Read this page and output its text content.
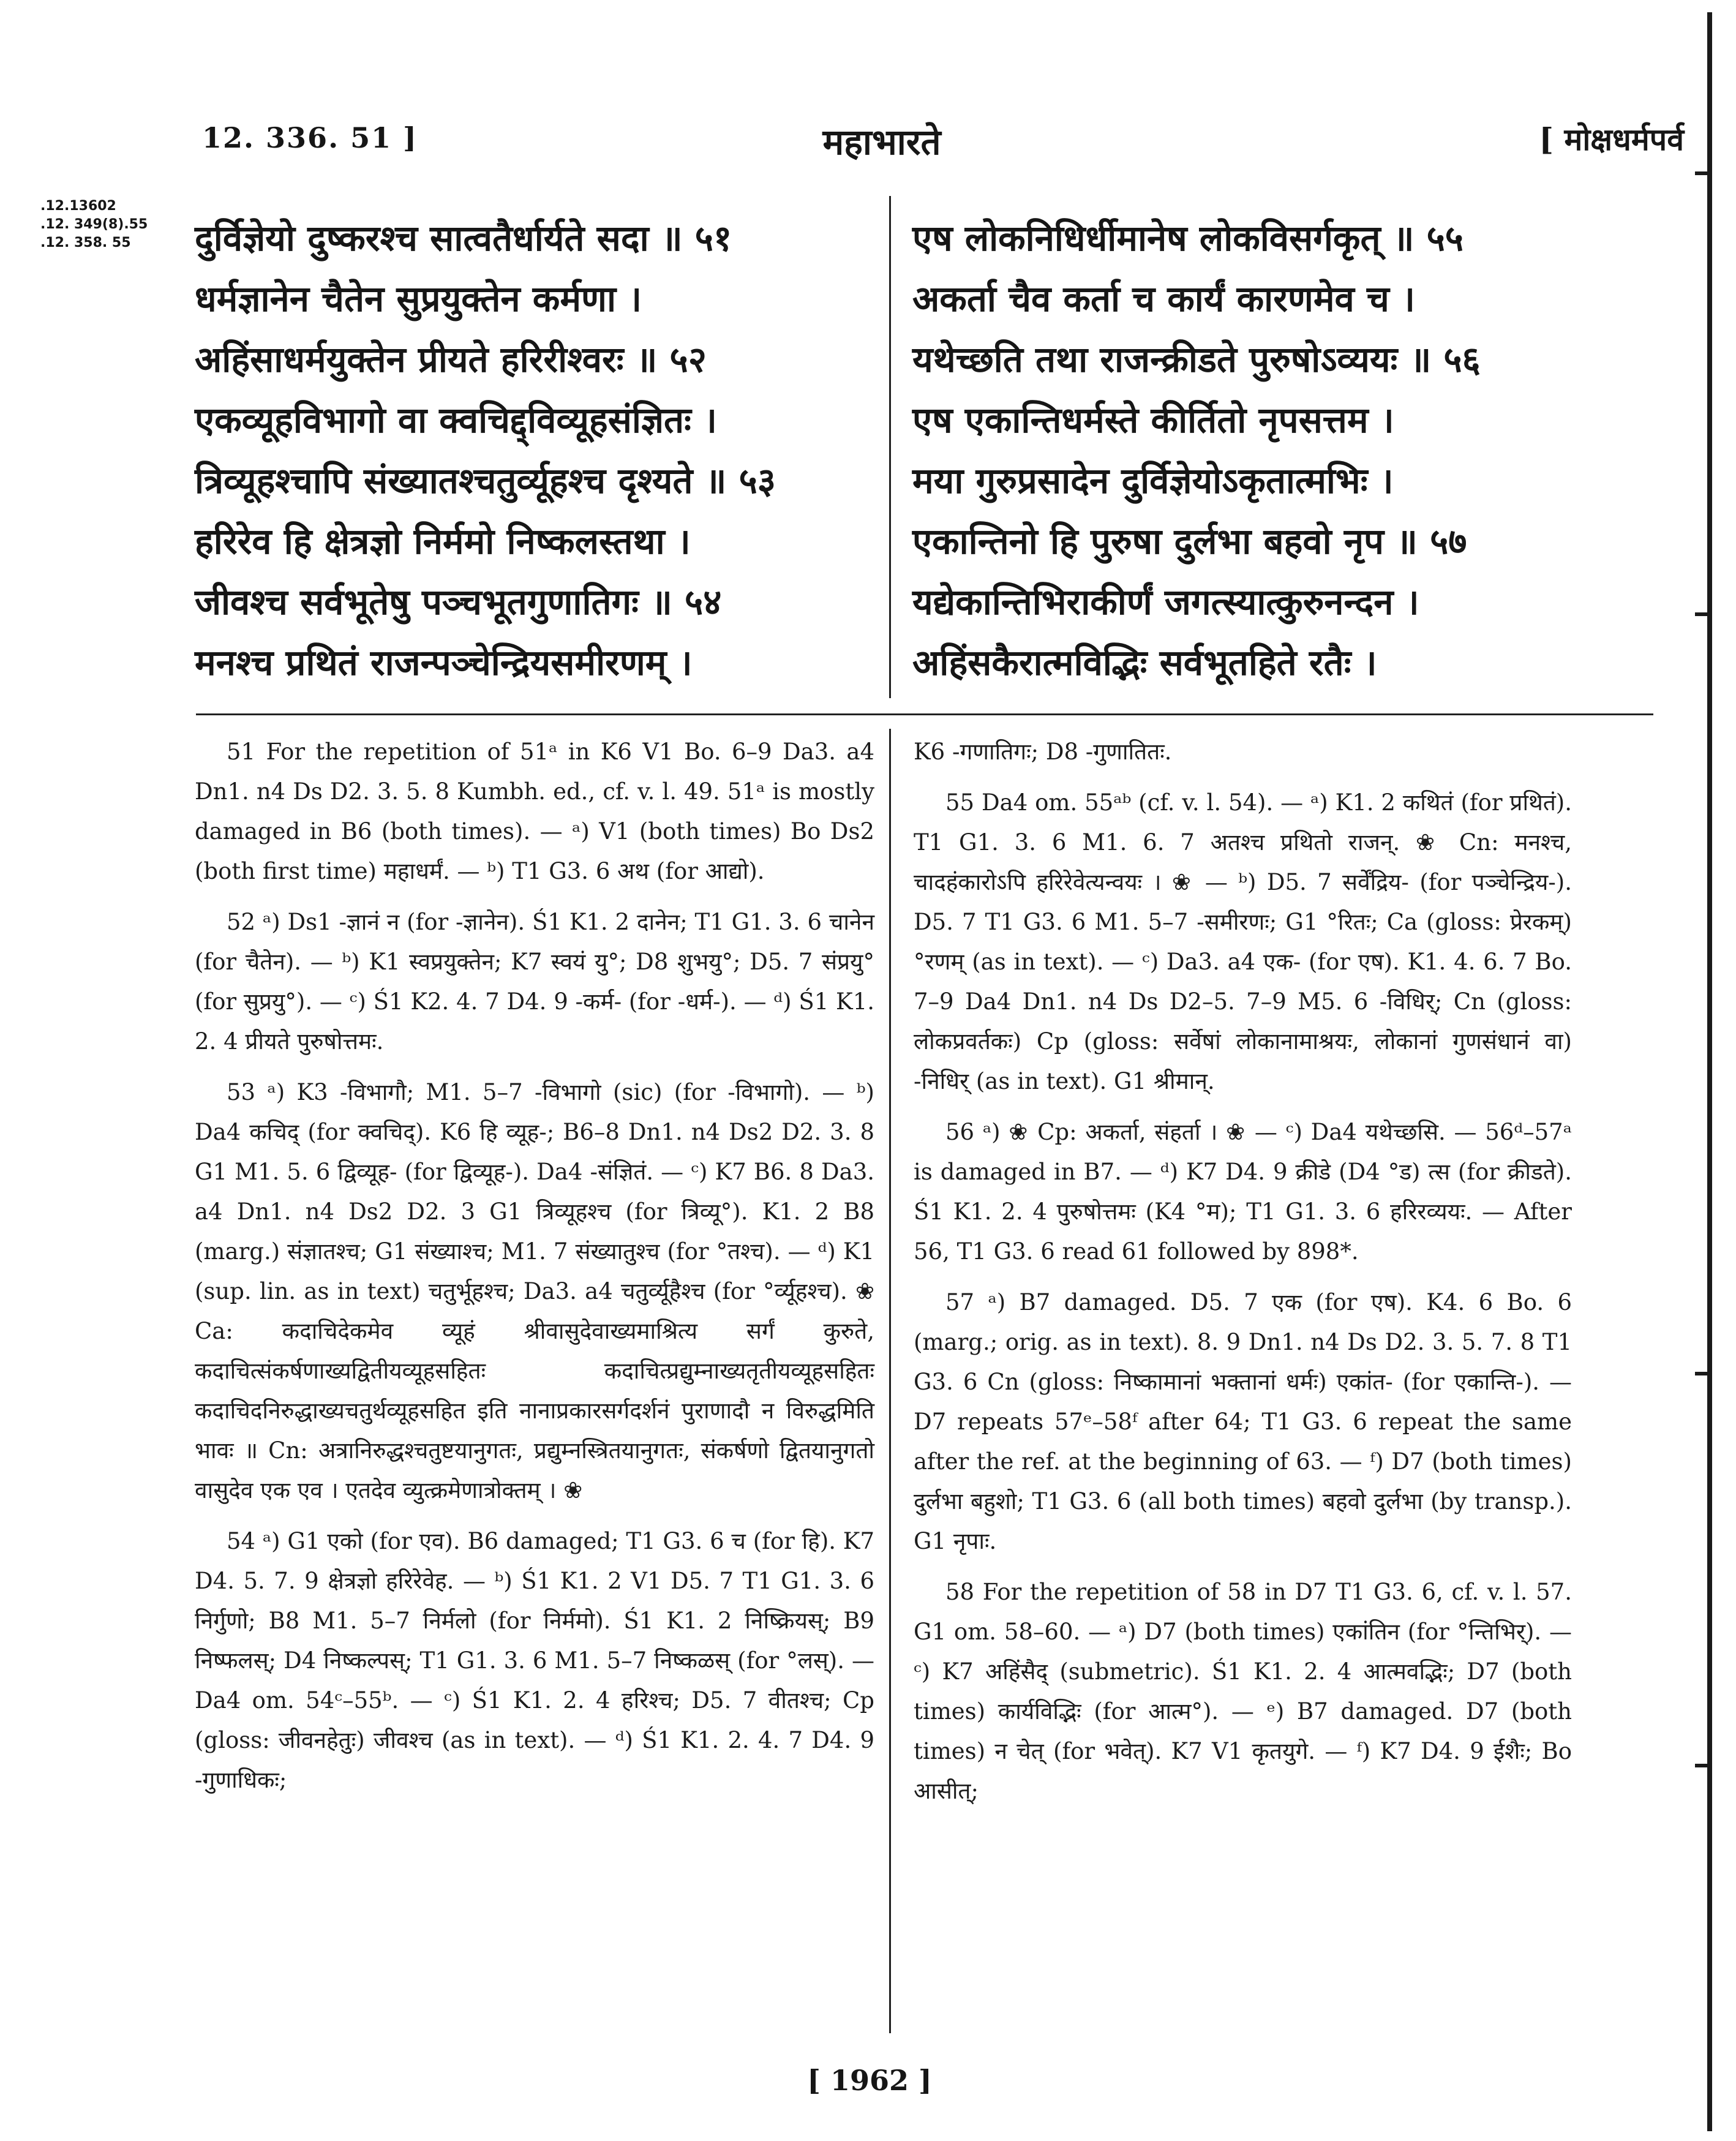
12. 336. 51 ]	महाभारते	[ मोक्षधर्मपर्व
.12.13602
.12. 349(8).55
.12. 358. 55	दुर्विज्ञेयो दुष्करश्च सात्वतैर्धार्यते सदा ॥ ५१
धर्मज्ञानेन चैतेन सुप्रयुक्तेन कर्मणा ।
अहिंसाधर्मयुक्तेन प्रीयते हरिरीश्वरः ॥ ५२
एकव्यूहविभागो वा क्वचिद्द्विव्यूहसंज्ञितः ।
त्रिव्यूहश्चापि संख्यातश्चतुर्व्यूहश्च दृश्यते ॥ ५३
हरिरेव हि क्षेत्रज्ञो निर्ममो निष्कलस्तथा ।
जीवश्च सर्वभूतेषु पञ्चभूतगुणातिगः ॥ ५४
मनश्च प्रथितं राजन्पञ्चेन्द्रियसमीरणम् ।
एष लोकनिधिर्धीमानेष लोकविसर्गकृत् ॥ ५५
अकर्ता चैव कर्ता च कार्यं कारणमेव च ।
यथेच्छति तथा राजन्क्रीडते पुरुषोऽव्ययः ॥ ५६
एष एकान्तिधर्मस्ते कीर्तितो नृपसत्तम ।
मया गुरुप्रसादेन दुर्विज्ञेयोऽकृतात्मभिः ।
एकान्तिनो हि पुरुषा दुर्लभा बहवो नृप ॥ ५७
यद्येकान्तिभिराकीर्णं जगत्स्यात्कुरुनन्दन ।
अहिंसकैरात्मविद्भिः सर्वभूतहिते रतैः ।
51 For the repetition of 51ᵃ in K6 V1 Bo. 6–9 Da3. a4 Dn1. n4 Ds D2. 3. 5. 8 Kumbh. ed., cf. v. l. 49. 51ᵃ is mostly damaged in B6 (both times). — ᵃ) V1 (both times) Bo Ds2 (both first time) महाधर्मं. — ᵇ) T1 G3. 6 अथ (for आद्यो).
52 ᵃ) Ds1 ‑ज्ञानं न (for ‑ज्ञानेन). Ś1 K1. 2 दानेन; T1 G1. 3. 6 चानेन (for चैतेन). — ᵇ) K1 स्वप्रयुक्तेन; K7 स्वयं यु°; D8 शुभयु°; D5. 7 संप्रयु° (for सुप्रयु°). — ᶜ) Ś1 K2. 4. 7 D4. 9 ‑कर्म‑ (for ‑धर्म‑). — ᵈ) Ś1 K1. 2. 4 प्रीयते पुरुषोत्तमः.
53 ᵃ) K3 ‑विभागौ; M1. 5–7 ‑विभागो (sic) (for ‑विभागो). — ᵇ) Da4 कचिद् (for क्वचिद्). K6 हि व्यूह‑; B6–8 Dn1. n4 Ds2 D2. 3. 8 G1 M1. 5. 6 द्विव्यूह‑ (for द्विव्यूह‑). Da4 ‑संज्ञितं. — ᶜ) K7 B6. 8 Da3. a4 Dn1. n4 Ds2 D2. 3 G1 त्रिव्यूहश्च (for त्रिव्यू°). K1. 2 B8 (marg.) संज्ञातश्च; G1 संख्याश्च; M1. 7 संख्यातुश्च (for °तश्च). — ᵈ) K1 (sup. lin. as in text) चतुर्भूहश्च; Da3. a4 चतुर्व्यूहैश्च (for °र्व्यूहश्च). ❀ Ca: कदाचिदेकमेव व्यूहं श्रीवासुदेवाख्यमाश्रित्य सर्गं कुरुते, कदाचित्संकर्षणाख्यद्वितीयव्यूहसहितः कदाचित्प्रद्युम्नाख्यतृतीयव्यूहसहितः कदाचिदनिरुद्धाख्यचतुर्थव्यूहसहित इति नानाप्रकारसर्गदर्शनं पुराणादौ न विरुद्धमिति भावः ॥ Cn: अत्रानिरुद्धश्चतुष्टयानुगतः, प्रद्युम्नस्त्रितयानुगतः, संकर्षणो द्वितयानुगतो वासुदेव एक एव । एतदेव व्युत्क्रमेणात्रोक्तम् । ❀
54 ᵃ) G1 एको (for एव). B6 damaged; T1 G3. 6 च (for हि). K7 D4. 5. 7. 9 क्षेत्रज्ञो हरिरेवेह. — ᵇ) Ś1 K1. 2 V1 D5. 7 T1 G1. 3. 6 निर्गुणो; B8 M1. 5–7 निर्मलो (for निर्ममो). Ś1 K1. 2 निष्क्रियस्; B9 निष्फलस्; D4 निष्कल्पस्; T1 G1. 3. 6 M1. 5–7 निष्कळस् (for °लस्). — Da4 om. 54ᶜ–55ᵇ. — ᶜ) Ś1 K1. 2. 4 हरिश्च; D5. 7 वीतश्च; Cp (gloss: जीवनहेतुः) जीवश्च (as in text). — ᵈ) Ś1 K1. 2. 4. 7 D4. 9 ‑गुणाधिकः;
K6 ‑गणातिगः; D8 ‑गुणातितः.
55 Da4 om. 55ᵃᵇ (cf. v. l. 54). — ᵃ) K1. 2 कथितं (for प्रथितं). T1 G1. 3. 6 M1. 6. 7 अतश्च प्रथितो राजन्. ❀ Cn: मनश्च, चादहंकारोऽपि हरिरेवेत्यन्वयः । ❀ — ᵇ) D5. 7 सर्वेंद्रिय‑ (for पञ्चेन्द्रिय‑). D5. 7 T1 G3. 6 M1. 5–7 ‑समीरणः; G1 °रितः; Ca (gloss: प्रेरकम्) °रणम् (as in text). — ᶜ) Da3. a4 एक‑ (for एष). K1. 4. 6. 7 Bo. 7–9 Da4 Dn1. n4 Ds D2–5. 7–9 M5. 6 ‑विधिर्; Cn (gloss: लोकप्रवर्तकः) Cp (gloss: सर्वेषां लोकानामाश्रयः, लोकानां गुणसंधानं वा) ‑निधिर् (as in text). G1 श्रीमान्.
56 ᵃ) ❀ Cp: अकर्ता, संहर्ता । ❀ — ᶜ) Da4 यथेच्छसि. — 56ᵈ–57ᵃ is damaged in B7. — ᵈ) K7 D4. 9 क्रीडे (D4 °ड) त्स (for क्रीडते). Ś1 K1. 2. 4 पुरुषोत्तमः (K4 °म); T1 G1. 3. 6 हरिरव्ययः. — After 56, T1 G3. 6 read 61 followed by 898*.
57 ᵃ) B7 damaged. D5. 7 एक (for एष). K4. 6 Bo. 6 (marg.; orig. as in text). 8. 9 Dn1. n4 Ds D2. 3. 5. 7. 8 T1 G3. 6 Cn (gloss: निष्कामानां भक्तानां धर्मः) एकांत‑ (for एकान्ति‑). — D7 repeats 57ᵉ–58ᶠ after 64; T1 G3. 6 repeat the same after the ref. at the beginning of 63. — ᶠ) D7 (both times) दुर्लभा बहुशो; T1 G3. 6 (all both times) बहवो दुर्लभा (by transp.). G1 नृपाः.
58 For the repetition of 58 in D7 T1 G3. 6, cf. v. l. 57. G1 om. 58–60. — ᵃ) D7 (both times) एकांतिन (for °न्तिभिर्). — ᶜ) K7 अहिंसैद् (submetric). Ś1 K1. 2. 4 आत्मवद्भिः; D7 (both times) कार्यविद्भिः (for आत्म°). — ᵉ) B7 damaged. D7 (both times) न चेत् (for भवेत्). K7 V1 कृतयुगे. — ᶠ) K7 D4. 9 ईशैः; Bo आसीत्;
[ 1962 ]
